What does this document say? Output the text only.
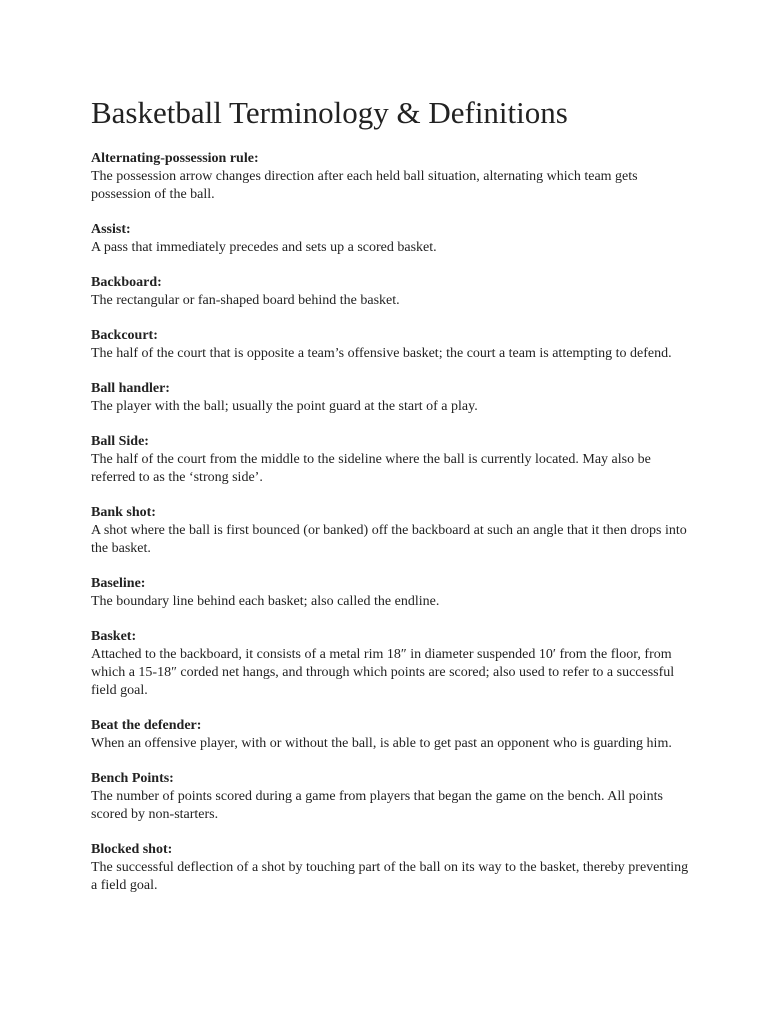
Basketball Terminology & Definitions
Alternating-possession rule:
The possession arrow changes direction after each held ball situation, alternating which team gets possession of the ball.
Assist:
A pass that immediately precedes and sets up a scored basket.
Backboard:
The rectangular or fan-shaped board behind the basket.
Backcourt:
The half of the court that is opposite a team’s offensive basket; the court a team is attempting to defend.
Ball handler:
The player with the ball; usually the point guard at the start of a play.
Ball Side:
The half of the court from the middle to the sideline where the ball is currently located. May also be referred to as the ‘strong side’.
Bank shot:
A shot where the ball is first bounced (or banked) off the backboard at such an angle that it then drops into the basket.
Baseline:
The boundary line behind each basket; also called the endline.
Basket:
Attached to the backboard, it consists of a metal rim 18″ in diameter suspended 10′ from the floor, from which a 15-18″ corded net hangs, and through which points are scored; also used to refer to a successful field goal.
Beat the defender:
When an offensive player, with or without the ball, is able to get past an opponent who is guarding him.
Bench Points:
The number of points scored during a game from players that began the game on the bench. All points scored by non-starters.
Blocked shot:
The successful deflection of a shot by touching part of the ball on its way to the basket, thereby preventing a field goal.
